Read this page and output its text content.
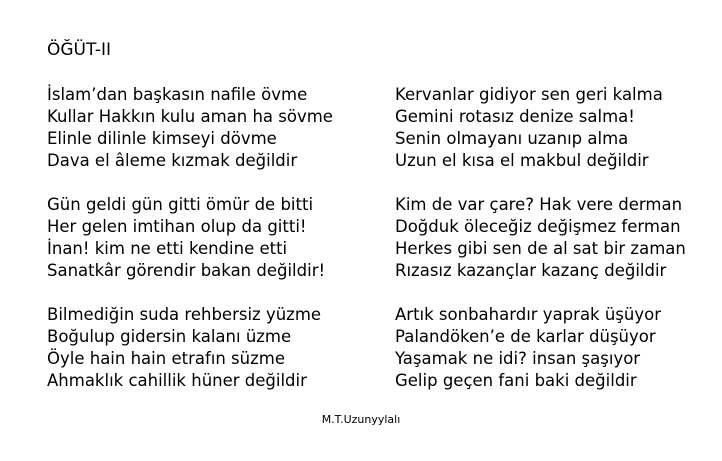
ÖĞÜT-II
İslam’dan başkasın nafile övme
Kullar Hakkın kulu aman ha sövme
Elinle dilinle kimseyi dövme
Dava el âleme kızmak değildir
Gün geldi gün gitti ömür de bitti
Her gelen imtihan olup da gitti!
İnan! kim ne etti kendine etti
Sanatkâr görendir bakan değildir!
Bilmediğin suda rehbersiz yüzme
Boğulup gidersin kalanı üzme
Öyle hain hain etrafın süzme
Ahmaklık cahillik hüner değildir
Kervanlar gidiyor sen geri kalma
Gemini rotasız denize salma!
Senin olmayanı uzanıp alma
Uzun el kısa el makbul değildir
Kim de var çare? Hak vere derman
Doğduk öleceğiz değişmez ferman
Herkes gibi sen de al sat bir zaman
Rızasız kazançlar kazanç değildir
Artık sonbahardır yaprak üşüyor
Palandöken’e de karlar düşüyor
Yaşamak ne idi? insan şaşıyor
Gelip geçen fani baki değildir
M.T.Uzunyylalı
